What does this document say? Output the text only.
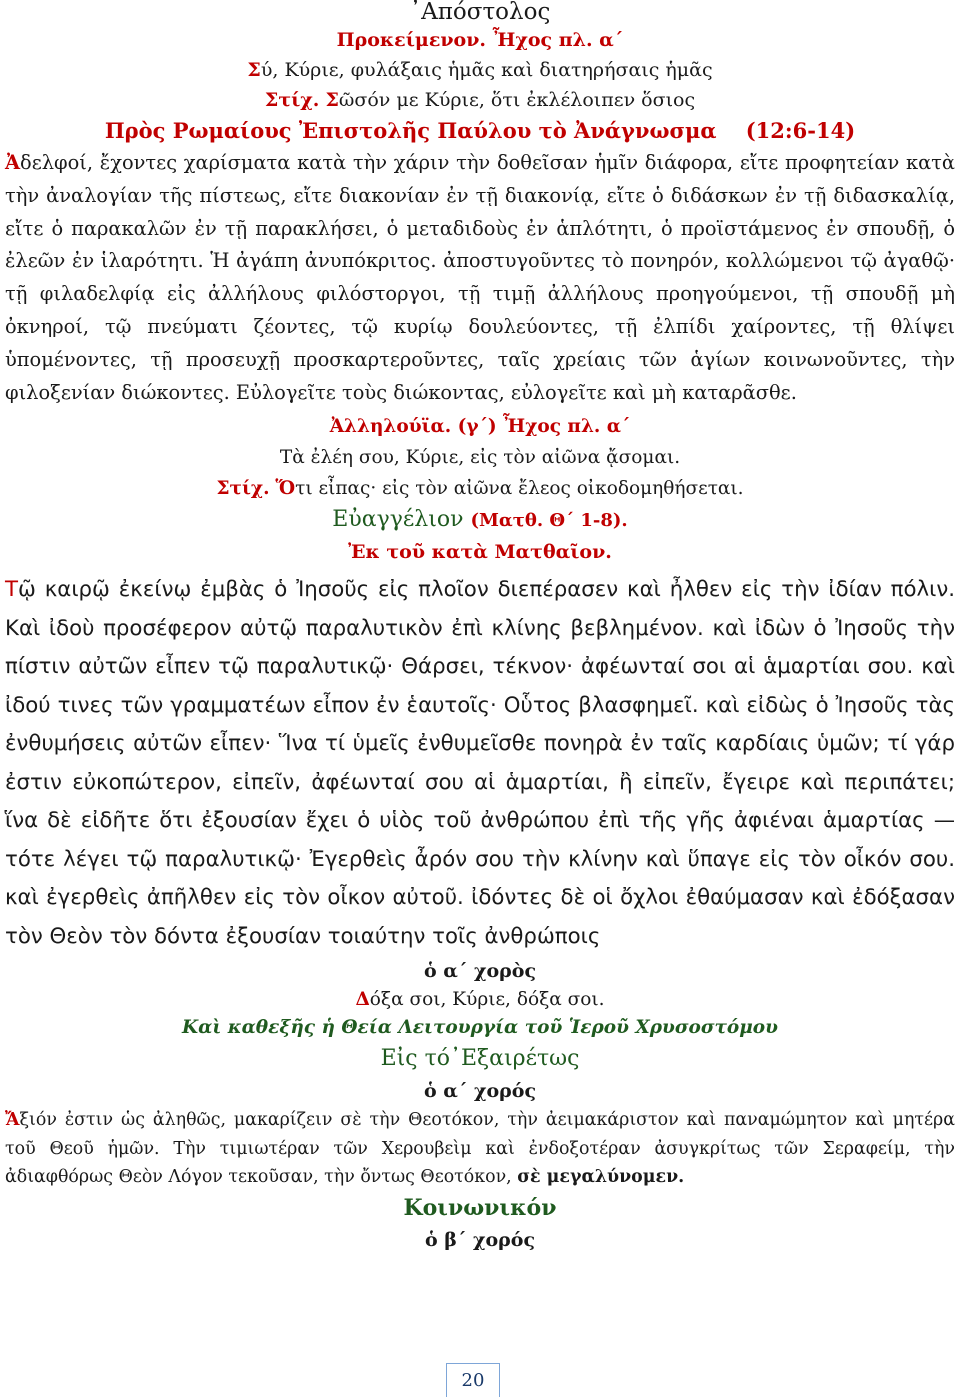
᾿Απόστολος

Προκείμενον. Ἦχος πλ. α΄

Σύ, Κύριε, φυλάξαις ἡμᾶς καὶ διατηρήσαις ἡμᾶς

Στίχ. Σῶσόν με Κύριε, ὅτι ἐκλέλοιπεν ὅσιος

Πρὸς Ρωμαίους Ἐπιστολῆς Παύλου τὸ Ἀνάγνωσμα (12:6-14)

Ἀδελφοί, ἔχοντες χαρίσματα κατὰ τὴν χάριν τὴν δοθεῖσαν ἡμῖν διάφορα, εἴτε προφητείαν κατὰ τὴν ἀναλογίαν τῆς πίστεως, εἴτε διακονίαν ἐν τῇ διακονίᾳ, εἴτε ὁ διδάσκων ἐν τῇ διδασκαλίᾳ, εἴτε ὁ παρακαλῶν ἐν τῇ παρακλήσει, ὁ μεταδιδοὺς ἐν ἁπλότητι, ὁ προϊστάμενος ἐν σπουδῇ, ὁ ἐλεῶν ἐν ἱλαρότητι. Ἡ ἀγάπη ἀνυπόκριτος. ἀποστυγοῦντες τὸ πονηρόν, κολλώμενοι τῷ ἀγαθῷ· τῇ φιλαδελφίᾳ εἰς ἀλλήλους φιλόστοργοι, τῇ τιμῇ ἀλλήλους προηγούμενοι, τῇ σπουδῇ μὴ ὀκνηροί, τῷ πνεύματι ζέοντες, τῷ κυρίῳ δουλεύοντες, τῇ ἐλπίδι χαίροντες, τῇ θλίψει ὑπομένοντες, τῇ προσευχῇ προσκαρτεροῦντες, ταῖς χρείαις τῶν ἁγίων κοινωνοῦντες, τὴν φιλοξενίαν διώκοντες. Εὐλογεῖτε τοὺς διώκοντας, εὐλογεῖτε καὶ μὴ καταρᾶσθε.

Ἀλληλούϊα. (γ΄) Ἦχος πλ. α΄

Τὰ ἐλέη σου, Κύριε, εἰς τὸν αἰῶνα ᾄσομαι.

Στίχ. Ὅτι εἶπας· εἰς τὸν αἰῶνα ἔλεος οἰκοδομηθήσεται.

Εὐαγγέλιον (Ματθ. Θ΄ 1-8).

Ἐκ τοῦ κατὰ Ματθαῖον.

Τῷ καιρῷ ἐκείνῳ ἐμβὰς ὁ Ἰησοῦς εἰς πλοῖον διεπέρασεν καὶ ἦλθεν εἰς τὴν ἰδίαν πόλιν. Καὶ ἰδοὺ προσέφερον αὐτῷ παραλυτικὸν ἐπὶ κλίνης βεβλημένον. καὶ ἰδὼν ὁ Ἰησοῦς τὴν πίστιν αὐτῶν εἶπεν τῷ παραλυτικῷ· Θάρσει, τέκνον· ἀφέωνταί σοι αἱ ἁμαρτίαι σου. καὶ ἰδού τινες τῶν γραμματέων εἶπον ἐν ἑαυτοῖς· Οὗτος βλασφημεῖ. καὶ εἰδὼς ὁ Ἰησοῦς τὰς ἐνθυμήσεις αὐτῶν εἶπεν· Ἵνα τί ὑμεῖς ἐνθυμεῖσθε πονηρὰ ἐν ταῖς καρδίαις ὑμῶν; τί γάρ ἐστιν εὐκοπώτερον, εἰπεῖν, ἀφέωνταί σου αἱ ἁμαρτίαι, ἢ εἰπεῖν, ἔγειρε καὶ περιπάτει; ἵνα δὲ εἰδῆτε ὅτι ἐξουσίαν ἔχει ὁ υἱὸς τοῦ ἀνθρώπου ἐπὶ τῆς γῆς ἀφιέναι ἁμαρτίας — τότε λέγει τῷ παραλυτικῷ· Ἐγερθεὶς ἆρόν σου τὴν κλίνην καὶ ὕπαγε εἰς τὸν οἶκόν σου. καὶ ἐγερθεὶς ἀπῆλθεν εἰς τὸν οἶκον αὐτοῦ. ἰδόντες δὲ οἱ ὄχλοι ἐθαύμασαν καὶ ἐδόξασαν τὸν Θεὸν τὸν δόντα ἐξουσίαν τοιαύτην τοῖς ἀνθρώποις

ὁ α΄ χορὸς

Δόξα σοι, Κύριε, δόξα σοι.

Καὶ καθεξῆς ἡ Θεία Λειτουργία τοῦ Ἱεροῦ Χρυσοστόμου

Εἰς τό᾿Εξαιρέτως

ὁ α΄ χορός

Ἄξιόν ἐστιν ὡς ἀληθῶς, μακαρίζειν σὲ τὴν Θεοτόκον, τὴν ἀειμακάριστον καὶ παναμώμητον καὶ μητέρα τοῦ Θεοῦ ἡμῶν. Τὴν τιμιωτέραν τῶν Χερουβεὶμ καὶ ἐνδοξοτέραν ἀσυγκρίτως τῶν Σεραφείμ, τὴν ἀδιαφθόρως Θεὸν Λόγον τεκοῦσαν, τὴν ὄντως Θεοτόκον, σὲ μεγαλύνομεν.

Κοινωνικόν

ὁ β΄ χορός

20
